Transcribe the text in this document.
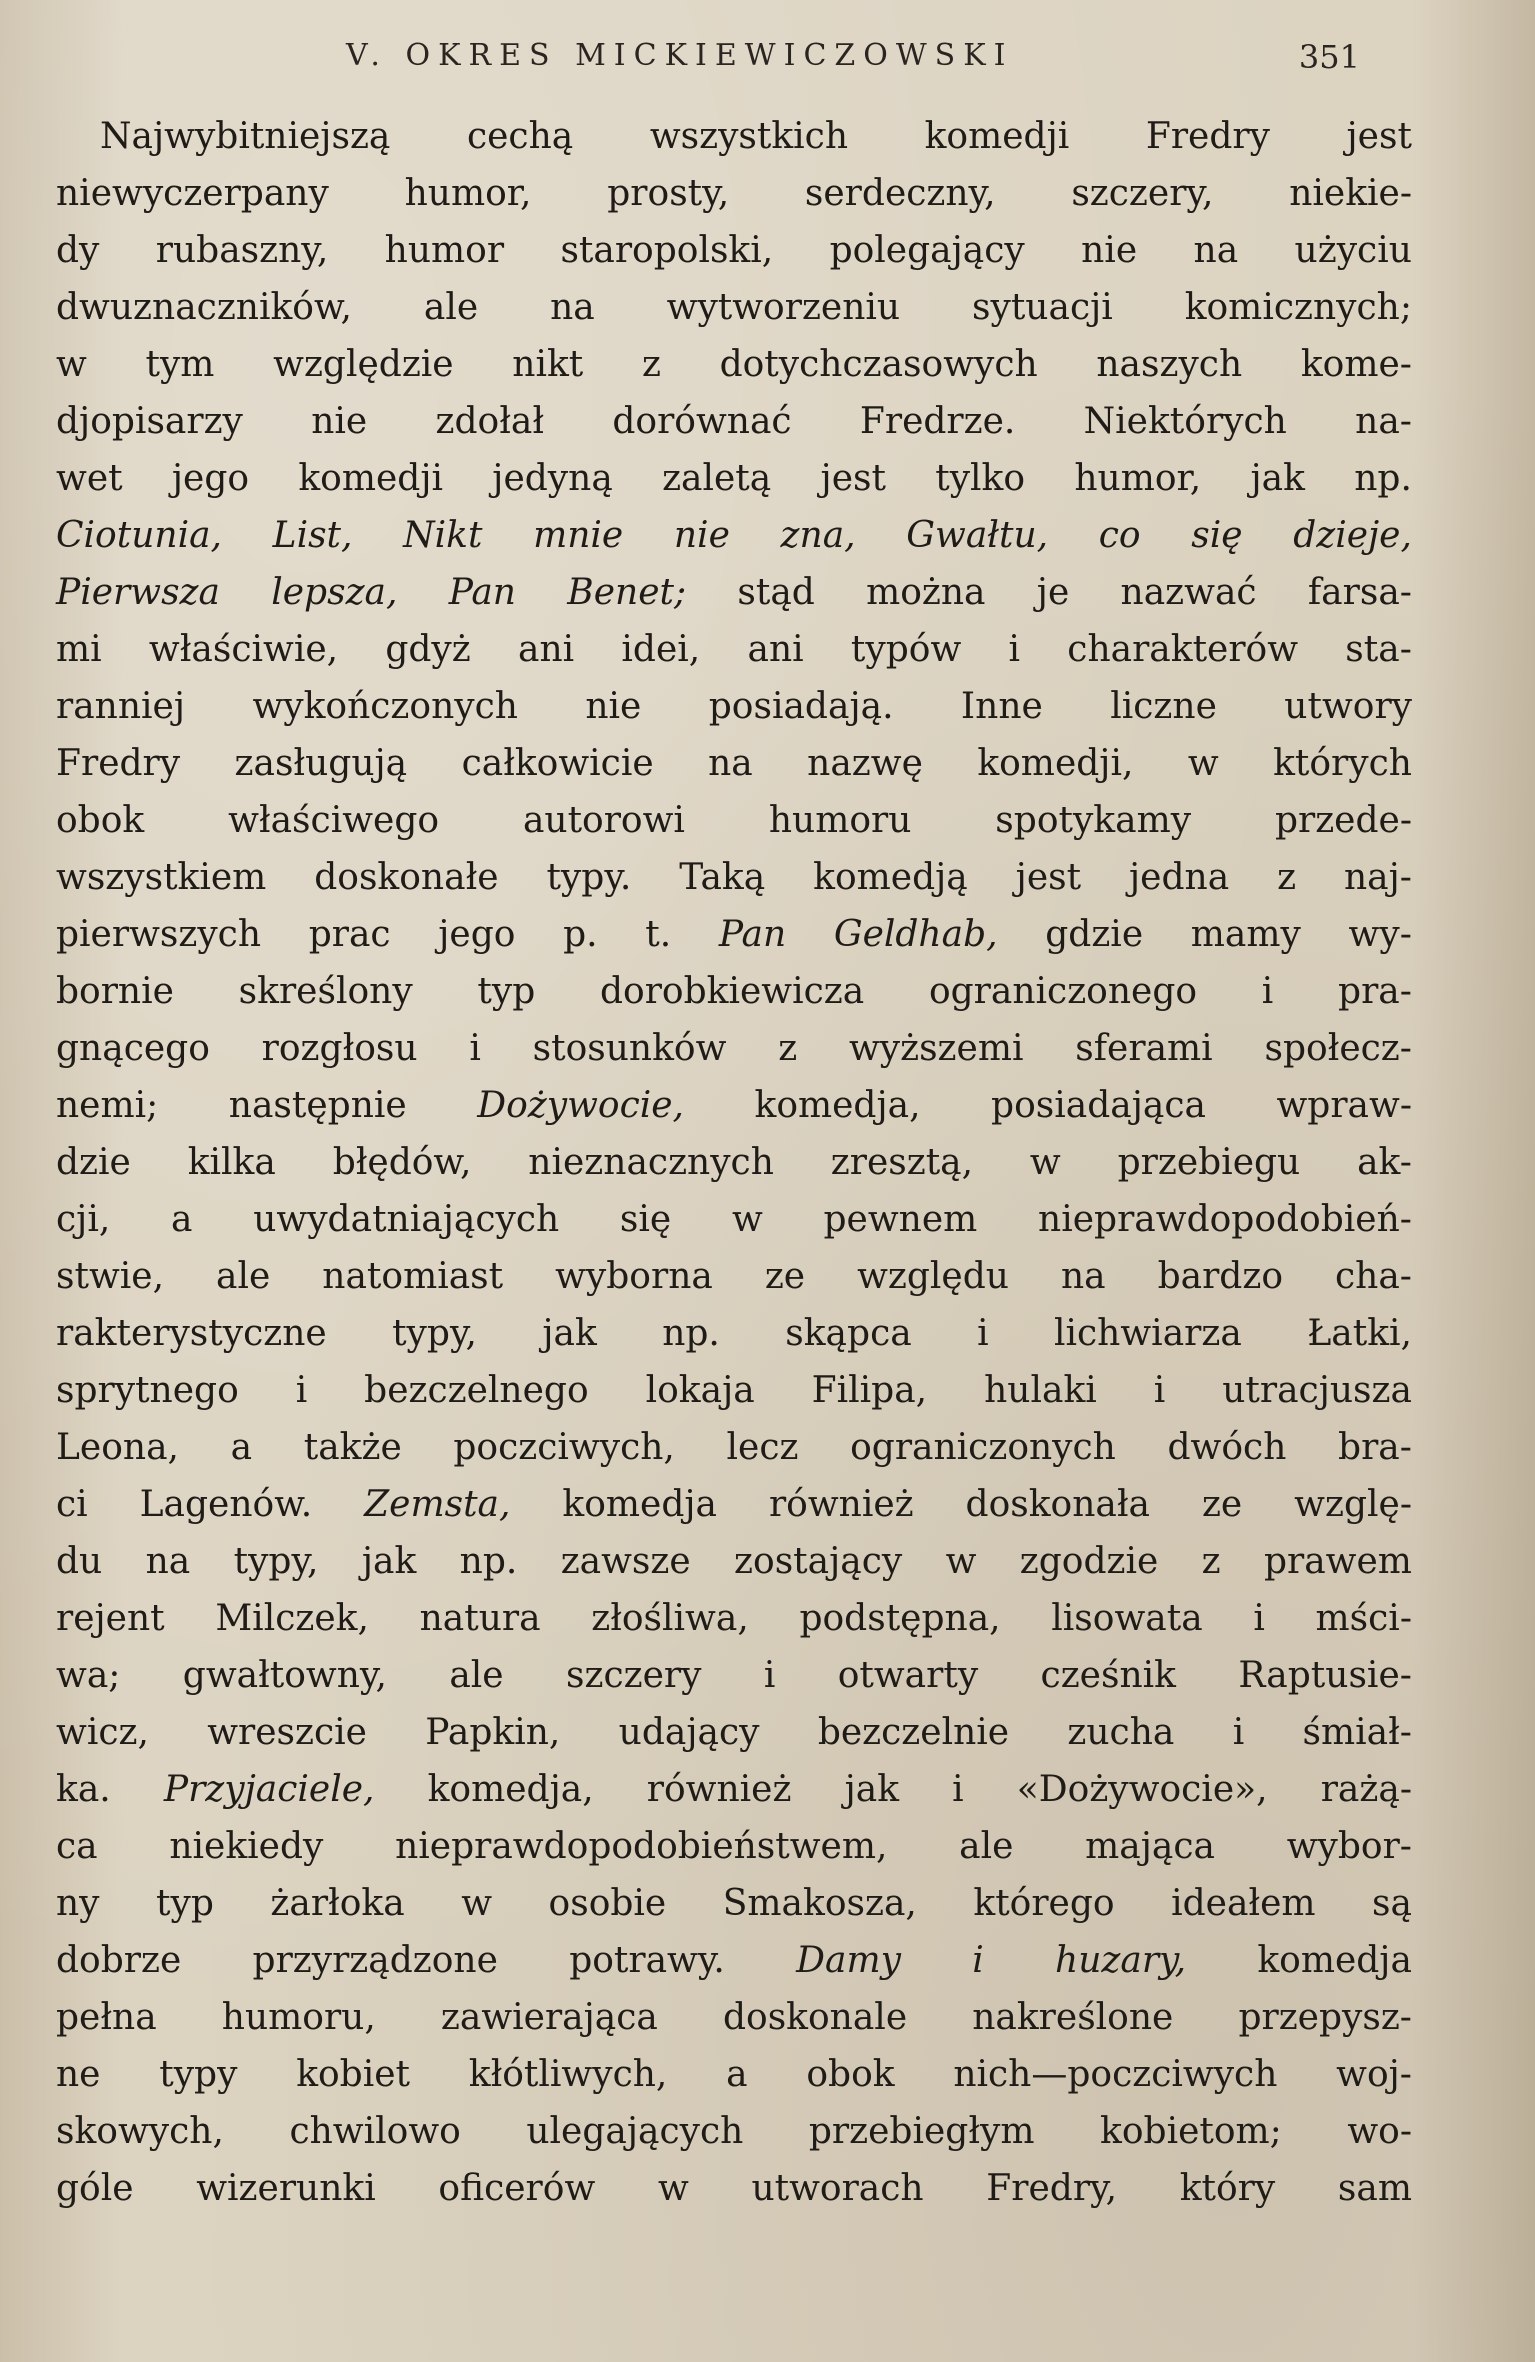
V. OKRES MICKIEWICZOWSKI	351
Najwybitniejszą cechą wszystkich komedji Fredry jest
niewyczerpany humor, prosty, serdeczny, szczery, niekie-
dy rubaszny, humor staropolski, polegający nie na użyciu
dwuznaczników, ale na wytworzeniu sytuacji komicznych;
w tym względzie nikt z dotychczasowych naszych kome-
djopisarzy nie zdołał dorównać Fredrze. Niektórych na-
wet jego komedji jedyną zaletą jest tylko humor, jak np.
Ciotunia, List, Nikt mnie nie zna, Gwałtu, co się dzieje,
Pierwsza lepsza, Pan Benet; stąd można je nazwać farsa-
mi właściwie, gdyż ani idei, ani typów i charakterów sta-
ranniej wykończonych nie posiadają. Inne liczne utwory
Fredry zasługują całkowicie na nazwę komedji, w których
obok właściwego autorowi humoru spotykamy przede-
wszystkiem doskonałe typy. Taką komedją jest jedna z naj-
pierwszych prac jego p. t. Pan Geldhab, gdzie mamy wy-
bornie skreślony typ dorobkiewicza ograniczonego i pra-
gnącego rozgłosu i stosunków z wyższemi sferami społecz-
nemi; następnie Dożywocie, komedja, posiadająca wpraw-
dzie kilka błędów, nieznacznych zresztą, w przebiegu ak-
cji, a uwydatniających się w pewnem nieprawdopodobień-
stwie, ale natomiast wyborna ze względu na bardzo cha-
rakterystyczne typy, jak np. skąpca i lichwiarza Łatki,
sprytnego i bezczelnego lokaja Filipa, hulaki i utracjusza
Leona, a także poczciwych, lecz ograniczonych dwóch bra-
ci Lagenów. Zemsta, komedja również doskonała ze wzglę-
du na typy, jak np. zawsze zostający w zgodzie z prawem
rejent Milczek, natura złośliwa, podstępna, lisowata i mści-
wa; gwałtowny, ale szczery i otwarty cześnik Raptusie-
wicz, wreszcie Papkin, udający bezczelnie zucha i śmiał-
ka. Przyjaciele, komedja, również jak i «Dożywocie», rażą-
ca niekiedy nieprawdopodobieństwem, ale mająca wybor-
ny typ żarłoka w osobie Smakosza, którego ideałem są
dobrze przyrządzone potrawy. Damy i huzary, komedja
pełna humoru, zawierająca doskonale nakreślone przepysz-
ne typy kobiet kłótliwych, a obok nich—poczciwych woj-
skowych, chwilowo ulegających przebiegłym kobietom; wo-
góle wizerunki oficerów w utworach Fredry, który sam
